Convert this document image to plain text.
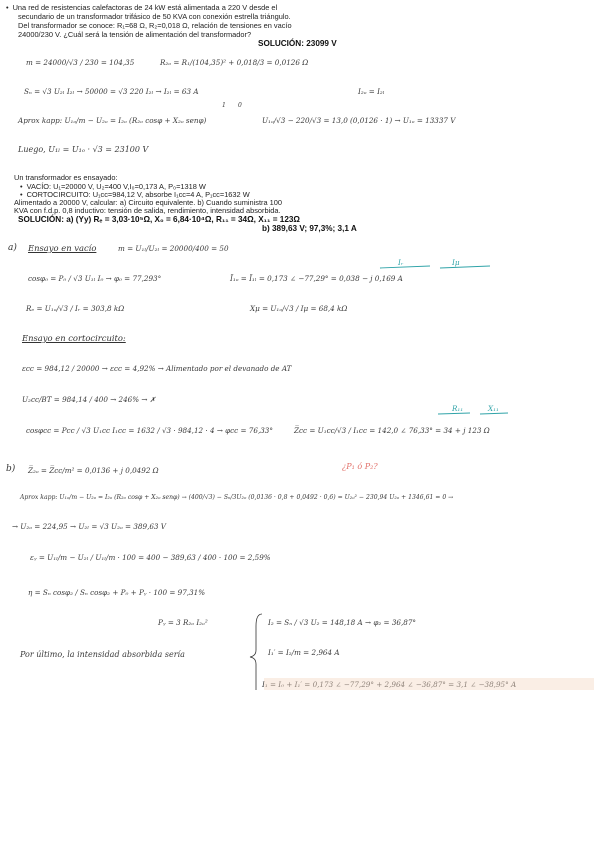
• Una red de resistencias calefactoras de 24 kW está alimentada a 220 V desde el
secundario de un transformador trifásico de 50 KVA con conexión estrella triángulo.
Del transformador se conoce: R₁=68 Ω, R₂=0,018 Ω, relación de tensiones en vacío
24000/230 V. ¿Cuál será la tensión de alimentación del transformador?
SOLUCIÓN: 23099 V
m = 24000/√3 / 230 = 104,35	R₂ₒ = R₁/(104,35)² + 0,018/3 = 0,0126 Ω
Sₙ = √3 U₂ₗ I₂ₗ → 50000 = √3 220 I₂ₗ → I₂ₗ = 63 A	I₂ₒ = I₂ₗ
1 0
Aprox kapp: U₁ₒ/m − U₂ₒ = I₂ₒ (R₂ₒ cosφ + X₂ₒ senφ)	U₁ₒ/√3 − 220/√3 = 13,0 (0,0126 · 1) → U₁ₒ = 13337 V
Luego, U₁ₗ = U₁ₒ · √3 = 23100 V
Un transformador es ensayado:
• VACÍO: U₁=20000 V, U₂=400 V,I₀=0,173 A, P₀=1318 W
• CORTOCIRCUITO: U₁cc=984,12 V, absorbe I₁cc=4 A, P₁cc=1632 W
Alimentado a 20000 V, calcular: a) Circuito equivalente. b) Cuando suministra 100
KVA con f.d.p. 0,8 inductivo: tensión de salida, rendimiento, intensidad absorbida.
SOLUCIÓN: a) (Yy) Rₑ = 3,03·10⁵Ω, X₀ = 6,84·10⁴Ω, R₁₁ = 34Ω, X₁₁ = 123Ω
b) 389,63 V; 97,3%; 3,1 A
a) Ensayo en vacío	m = U₁ₗ/U₂ₗ = 20000/400 = 50
Iᵣ	Iμ
cosφ₀ = P₀ / √3 U₁ₗ I₀ → φ₀ = 77,293°	Ĩ₁ₒ = Ĩ₁ₗ = 0,173 ∠ −77,29° = 0,038 − j 0,169 A
Rₑ = U₁ₒ/√3 / Iᵣ = 303,8 kΩ	Xμ = U₁ₒ/√3 / Iμ = 68,4 kΩ
Ensayo en cortocircuito:
εcc = 984,12 / 20000 → εcc = 4,92% → Alimentado por el devanado de AT
U₂cc/BT = 984,14 / 400 → 246% → ✗
R₁₁	X₁₁
cosφcc = Pcc / √3 U₁cc I₁cc = 1632 / √3 · 984,12 · 4 → φcc = 76,33°	Z̅cc = U₁cc/√3 / I₁cc = 142,0 ∠ 76,33° = 34 + j 123 Ω
b) Z̅₂ₒ = Z̅cc/m² = 0,0136 + j 0,0492 Ω	¿P₁ ó P₂?
Aprox kapp: U₁ₒ/m − U₂ₒ = I₂ₒ (R₂ₒ cosφ + X₂ₒ senφ) → (400/√3) − Sₙ/3U₂ₒ (0,0136 · 0,8 + 0,0492 · 0,6) = U₂ₒ² − 230,94 U₂ₒ + 1346,61 = 0 →
→ U₂ₒ = 224,95 → U₂ₗ = √3 U₂ₒ = 389,63 V
εᵧ = U₁ₗ/m − U₂ₗ / U₁ₗ/m · 100 = 400 − 389,63 / 400 · 100 = 2,59%
η = Sₙ cosφ₂ / Sₙ cosφ₂ + P₀ + Pᵧ · 100 = 97,31%
Pᵧ = 3 R₂ₒ I₂ₒ²	I₂ = Sₙ / √3 U₂ = 148,18 A → φ₂ = 36,87°
I₁′ = I₂/m = 2,964 A
Por último, la intensidad absorbida sería
I₁ = I₀ + I₁′ = 0,173 ∠ −77,29° + 2,964 ∠ −36,87° = 3,1 ∠ −38,95° A
